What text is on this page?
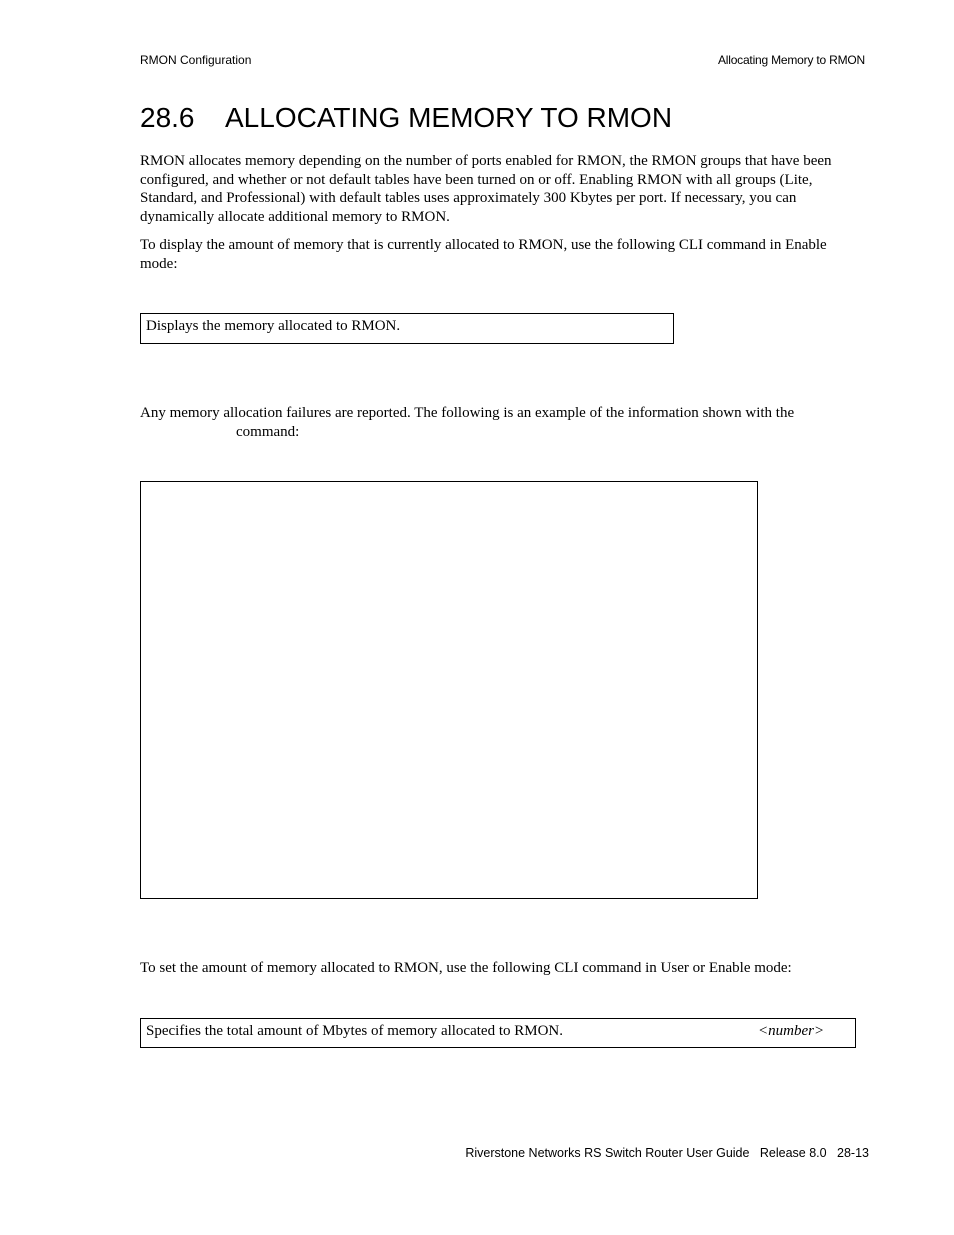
RMON Configuration	Allocating Memory to RMON
28.6 ALLOCATING MEMORY TO RMON
RMON allocates memory depending on the number of ports enabled for RMON, the RMON groups that have been
configured, and whether or not default tables have been turned on or off. Enabling RMON with all groups (Lite,
Standard, and Professional) with default tables uses approximately 300 Kbytes per port. If necessary, you can
dynamically allocate additional memory to RMON.
To display the amount of memory that is currently allocated to RMON, use the following CLI command in Enable
mode:
Displays the memory allocated to RMON.
Any memory allocation failures are reported. The following is an example of the information shown with the
command:
To set the amount of memory allocated to RMON, use the following CLI command in User or Enable mode:
Specifies the total amount of Mbytes of memory allocated to RMON.	<number>
Riverstone Networks RS Switch Router User Guide Release 8.0 28-13
